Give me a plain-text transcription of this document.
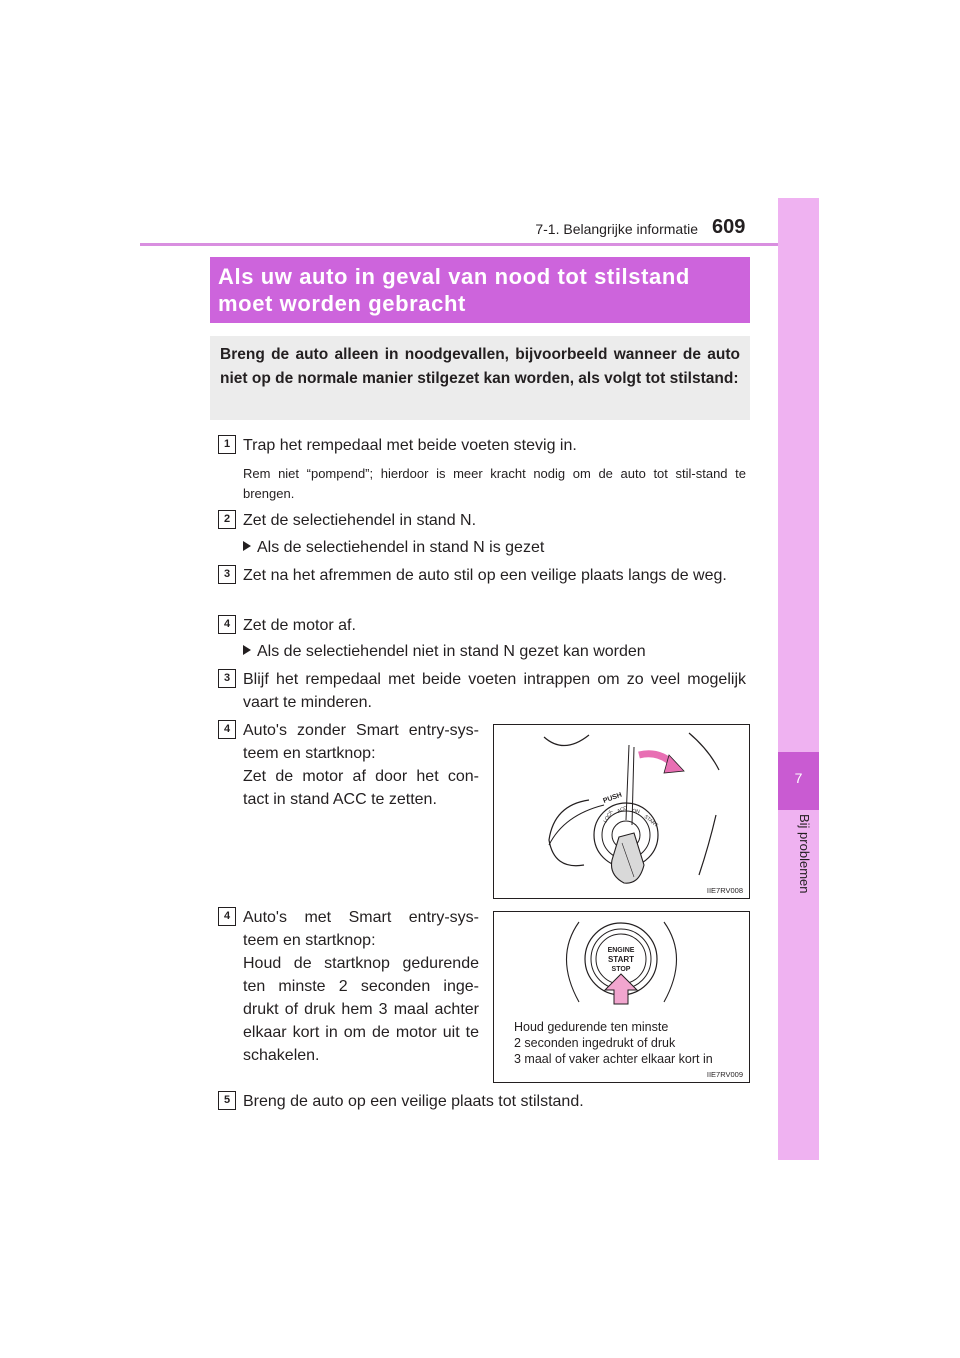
7-1. Belangrijke informatie 609
7
Bij problemen
Als uw auto in geval van nood tot stilstand
moet worden gebracht
Breng de auto alleen in noodgevallen, bijvoorbeeld wanneer de auto niet op de normale manier stilgezet kan worden, als volgt tot stilstand:
1 Trap het rempedaal met beide voeten stevig in.
Rem niet “pompend”; hierdoor is meer kracht nodig om de auto tot stil-stand te brengen.
2 Zet de selectiehendel in stand N.
Als de selectiehendel in stand N is gezet
3 Zet na het afremmen de auto stil op een veilige plaats langs de weg.
4 Zet de motor af.
Als de selectiehendel niet in stand N gezet kan worden
3 Blijf het rempedaal met beide voeten intrappen om zo veel mogelijk vaart te minderen.
4 Auto's zonder Smart entry-sys-
teem en startknop:
Zet de motor af door het con-
tact in stand ACC te zetten.	PUSH
LOCK ACC ON
START
IIE7RV008
4 Auto's met Smart entry-sys-
teem en startknop:
Houd de startknop gedurende
ten minste 2 seconden inge-
drukt of druk hem 3 maal achter
elkaar kort in om de motor uit te
schakelen.
ENGINE
START
STOP
Houd gedurende ten minste
2 seconden ingedrukt of druk
3 maal of vaker achter elkaar kort in
IIE7RV009
5 Breng de auto op een veilige plaats tot stilstand.
